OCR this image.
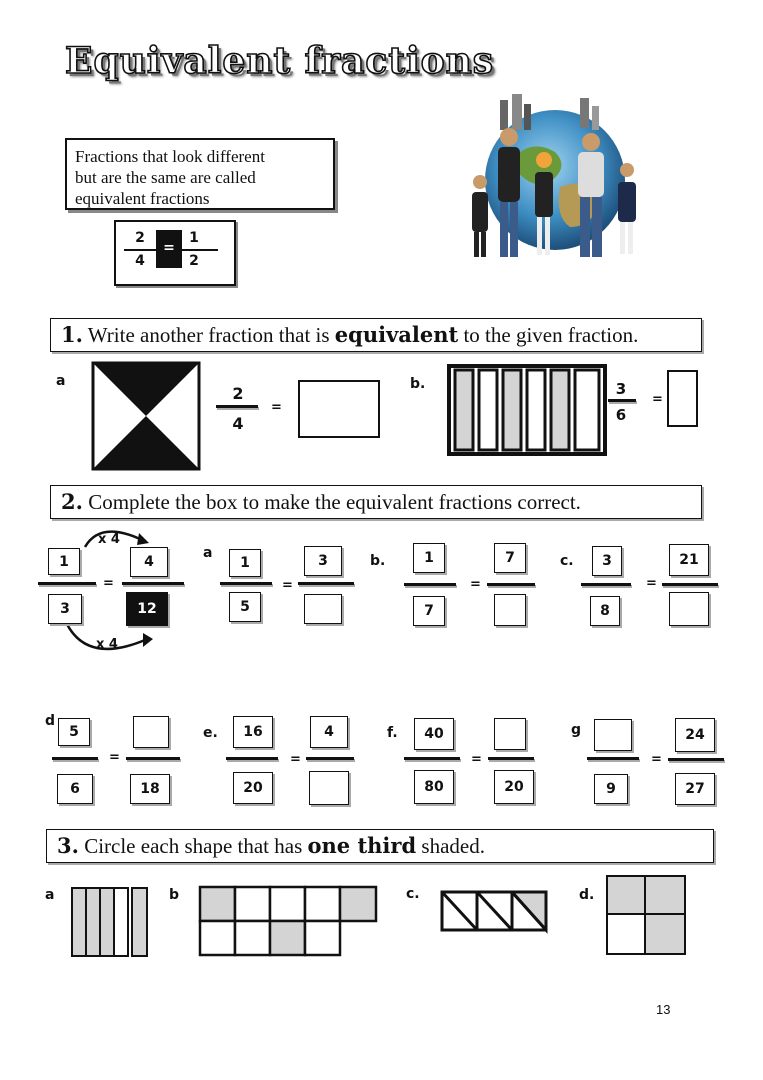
Equivalent fractions
Fractions that look different
but are the same are called
equivalent fractions
2
4
=
1
2
1. Write another fraction that is equivalent to the given fraction.
a
2
4
=
b.	3
6
=
2. Complete the box to make the equivalent fractions correct.
x 4
x 4
1
3
=
4
12
a
1
5
=
3	b.	1
7
=
7	c.	3
8
=
21
d
5
6
=
18
e.	16
20
=
4	f.	40
80
=
20
g
9
=
24
27
3. Circle each shape that has one third shaded.
a	b	c.	d.
13
